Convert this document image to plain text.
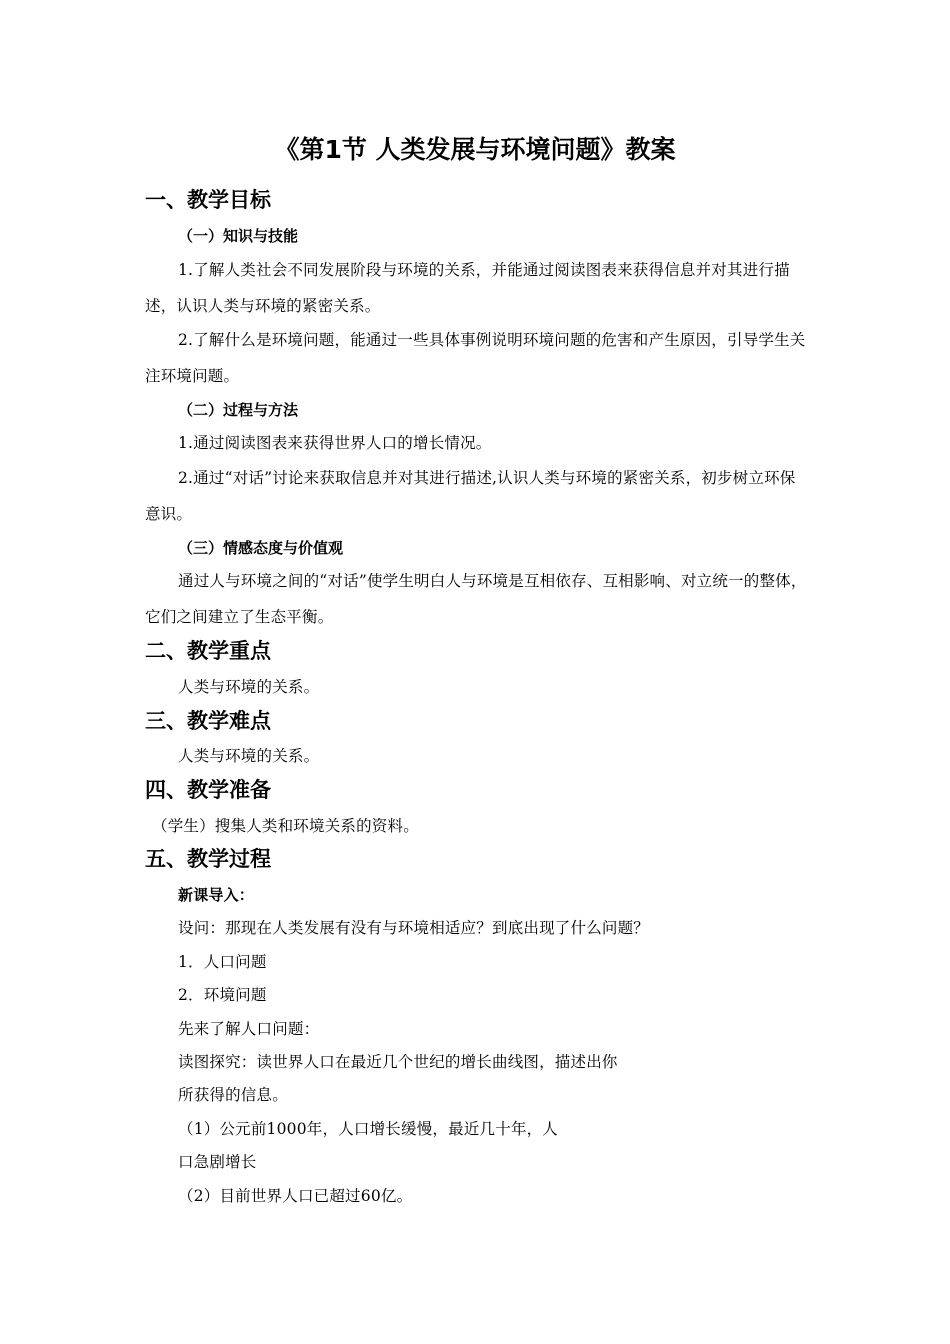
《第1节 人类发展与环境问题》教案
一、教学目标
（一）知识与技能

1.了解人类社会不同发展阶段与环境的关系，并能通过阅读图表来获得信息并对其进行描述，认识人类与环境的紧密关系。

2.了解什么是环境问题，能通过一些具体事例说明环境问题的危害和产生原因，引导学生关注环境问题。

（二）过程与方法

1.通过阅读图表来获得世界人口的增长情况。

2.通过“对话”讨论来获取信息并对其进行描述,认识人类与环境的紧密关系，初步树立环保意识。

（三）情感态度与价值观

通过人与环境之间的“对话”使学生明白人与环境是互相依存、互相影响、对立统一的整体，它们之间建立了生态平衡。

二、教学重点

人类与环境的关系。

三、教学难点

人类与环境的关系。

四、教学准备

（学生）搜集人类和环境关系的资料。

五、教学过程

新课导入：

设问：那现在人类发展有没有与环境相适应？到底出现了什么问题？

1．人口问题

2．环境问题

先来了解人口问题：

读图探究：读世界人口在最近几个世纪的增长曲线图，描述出你

所获得的信息。

（1）公元前1000年，人口增长缓慢，最近几十年，人

口急剧增长

（2）目前世界人口已超过60亿。
